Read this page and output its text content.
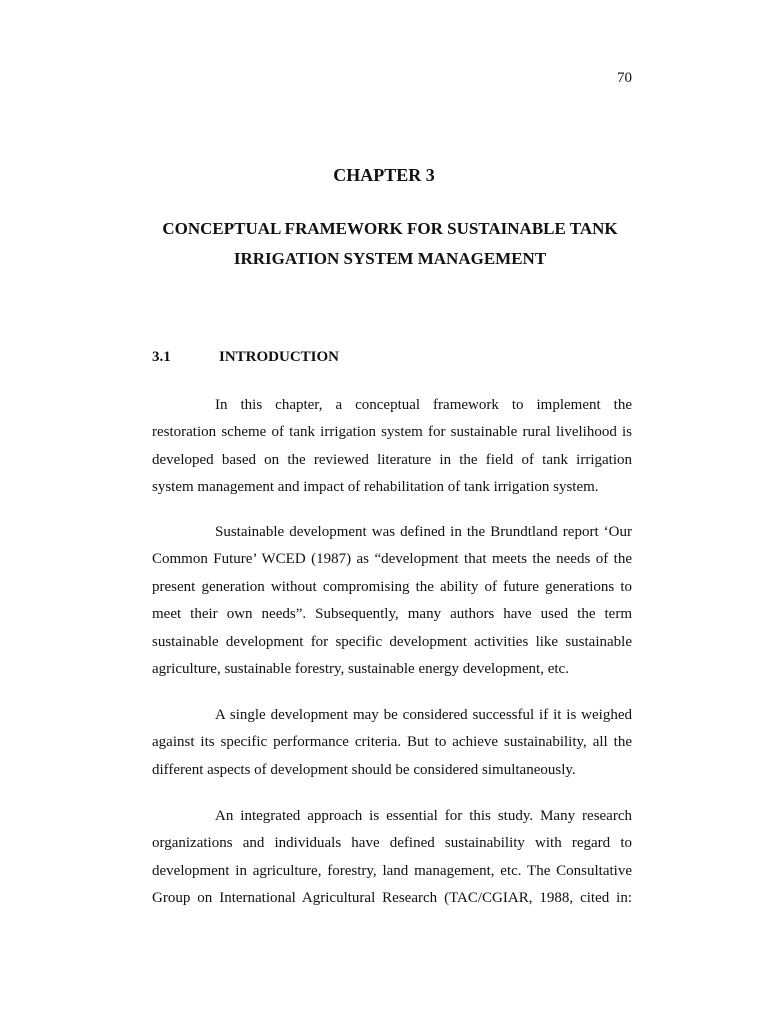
70
CHAPTER 3
CONCEPTUAL FRAMEWORK FOR SUSTAINABLE TANK
IRRIGATION SYSTEM MANAGEMENT
3.1	INTRODUCTION
In this chapter, a conceptual framework to implement the
restoration scheme of tank irrigation system for sustainable rural livelihood is
developed based on the reviewed literature in the field of tank irrigation
system management and impact of rehabilitation of tank irrigation system.
Sustainable development was defined in the Brundtland report ‘Our
Common Future’ WCED (1987) as “development that meets the needs of the
present generation without compromising the ability of future generations to
meet their own needs”. Subsequently, many authors have used the term
sustainable development for specific development activities like sustainable
agriculture, sustainable forestry, sustainable energy development, etc.
A single development may be considered successful if it is weighed
against its specific performance criteria. But to achieve sustainability, all the
different aspects of development should be considered simultaneously.
An integrated approach is essential for this study. Many research
organizations and individuals have defined sustainability with regard to
development in agriculture, forestry, land management, etc. The Consultative
Group on International Agricultural Research (TAC/CGIAR, 1988, cited in:
